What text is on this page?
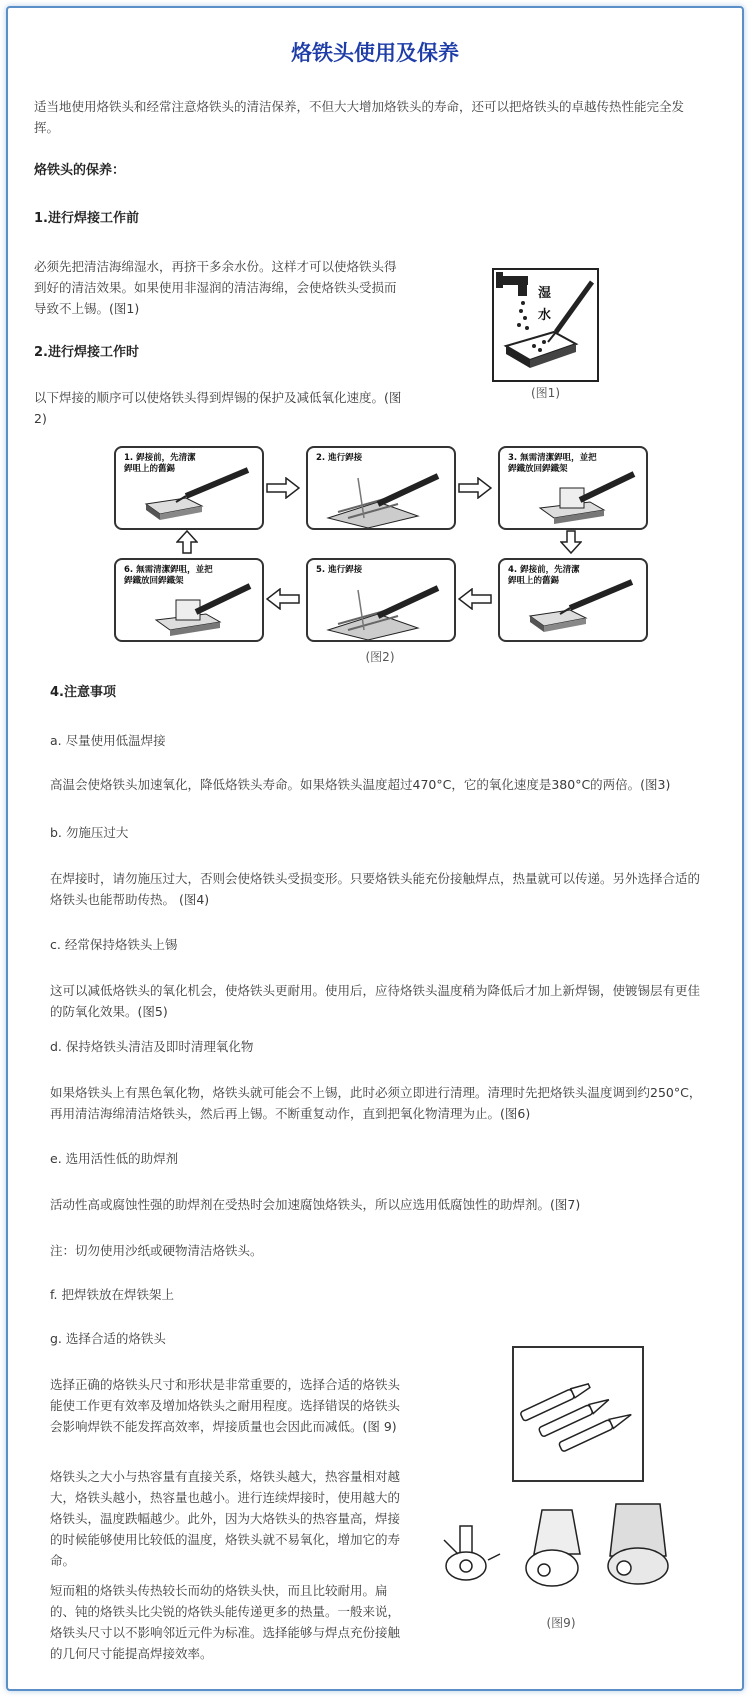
烙铁头使用及保养
适当地使用烙铁头和经常注意烙铁头的清洁保养，不但大大增加烙铁头的寿命，还可以把烙铁头的卓越传热性能完全发挥。
烙铁头的保养：
1.进行焊接工作前
必须先把清洁海绵湿水，再挤干多余水份。这样才可以使烙铁头得到好的清洁效果。如果使用非湿润的清洁海绵，会使烙铁头受损而导致不上锡。(图1)
湿
水
(图1)
2.进行焊接工作时
以下焊接的顺序可以使烙铁头得到焊锡的保护及减低氧化速度。(图2)
1. 銲接前，先清潔
銲咀上的舊錫
2. 進行銲接	3. 無需清潔銲咀，並把
銲鐵放回銲鐵架
6. 無需清潔銲咀，並把
銲鐵放回銲鐵架
5. 進行銲接	4. 銲接前，先清潔
銲咀上的舊錫
(图2)
4.注意事项
a. 尽量使用低温焊接
高温会使烙铁头加速氧化，降低烙铁头寿命。如果烙铁头温度超过470°C，它的氧化速度是380°C的两倍。(图3)
b. 勿施压过大
在焊接时，请勿施压过大，否则会使烙铁头受损变形。只要烙铁头能充份接触焊点，热量就可以传递。另外选择合适的烙铁头也能帮助传热。 (图4)
c. 经常保持烙铁头上锡
这可以减低烙铁头的氧化机会，使烙铁头更耐用。使用后，应待烙铁头温度稍为降低后才加上新焊锡，使镀锡层有更佳的防氧化效果。(图5)
d. 保持烙铁头清洁及即时清理氧化物
如果烙铁头上有黑色氧化物，烙铁头就可能会不上锡，此时必须立即进行清理。清理时先把烙铁头温度调到约250°C，再用清洁海绵清洁烙铁头，然后再上锡。不断重复动作，直到把氧化物清理为止。(图6)
e. 选用活性低的助焊剂
活动性高或腐蚀性强的助焊剂在受热时会加速腐蚀烙铁头，所以应选用低腐蚀性的助焊剂。(图7)
注：切勿使用沙纸或硬物清洁烙铁头。
f. 把焊铁放在焊铁架上
g. 选择合适的烙铁头
选择正确的烙铁头尺寸和形状是非常重要的，选择合适的烙铁头能使工作更有效率及增加烙铁头之耐用程度。选择错误的烙铁头会影响焊铁不能发挥高效率，焊接质量也会因此而减低。(图 9)
烙铁头之大小与热容量有直接关系，烙铁头越大，热容量相对越大，烙铁头越小，热容量也越小。进行连续焊接时，使用越大的烙铁头，温度跌幅越少。此外，因为大烙铁头的热容量高，焊接的时候能够使用比较低的温度，烙铁头就不易氧化，增加它的寿命。
短而粗的烙铁头传热较长而幼的烙铁头快，而且比较耐用。扁的、钝的烙铁头比尖锐的烙铁头能传递更多的热量。一般来说，烙铁头尺寸以不影响邻近元件为标准。选择能够与焊点充份接触的几何尺寸能提高焊接效率。
(图9)
